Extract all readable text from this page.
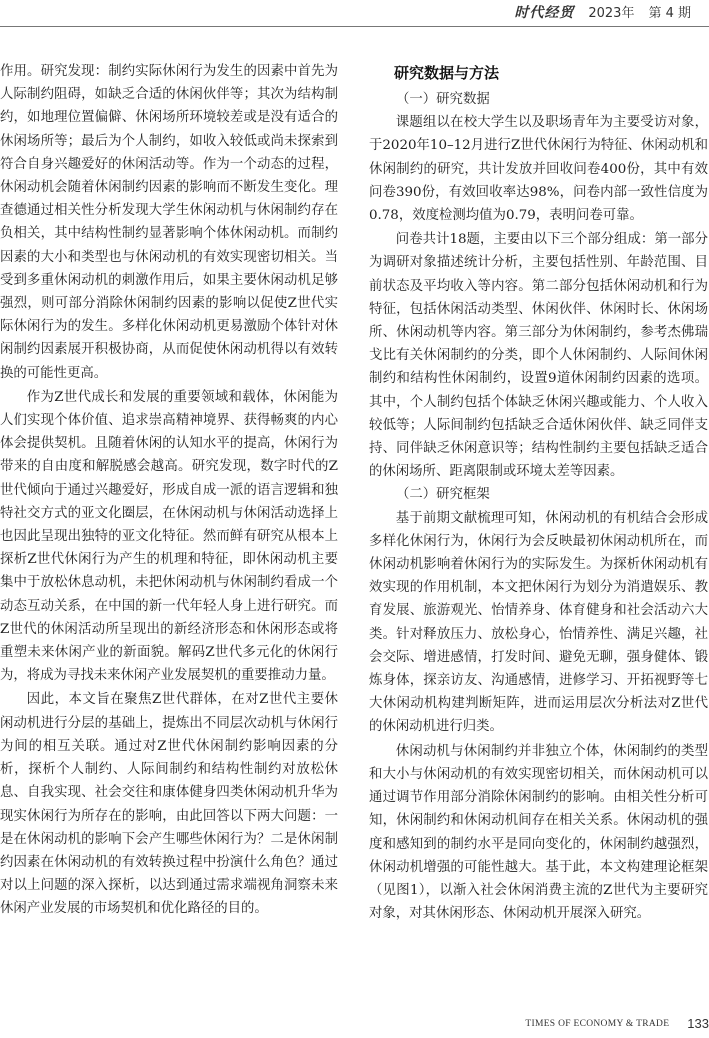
时代经贸 2023年 第 4 期

作用。研究发现：制约实际休闲行为发生的因素中首先为人际制约阻碍，如缺乏合适的休闲伙伴等；其次为结构制约，如地理位置偏僻、休闲场所环境较差或是没有适合的休闲场所等；最后为个人制约，如收入较低或尚未探索到符合自身兴趣爱好的休闲活动等。作为一个动态的过程，休闲动机会随着休闲制约因素的影响而不断发生变化。理查德通过相关性分析发现大学生休闲动机与休闲制约存在负相关，其中结构性制约显著影响个体休闲动机。而制约因素的大小和类型也与休闲动机的有效实现密切相关。当受到多重休闲动机的刺激作用后，如果主要休闲动机足够强烈，则可部分消除休闲制约因素的影响以促使Z世代实际休闲行为的发生。多样化休闲动机更易激励个体针对休闲制约因素展开积极协商，从而促使休闲动机得以有效转换的可能性更高。

作为Z世代成长和发展的重要领域和载体，休闲能为人们实现个体价值、追求崇高精神境界、获得畅爽的内心体会提供契机。且随着休闲的认知水平的提高，休闲行为带来的自由度和解脱感会越高。研究发现，数字时代的Z世代倾向于通过兴趣爱好，形成自成一派的语言逻辑和独特社交方式的亚文化圈层，在休闲动机与休闲活动选择上也因此呈现出独特的亚文化特征。然而鲜有研究从根本上探析Z世代休闲行为产生的机理和特征，即休闲动机主要集中于放松休息动机，未把休闲动机与休闲制约看成一个动态互动关系，在中国的新一代年轻人身上进行研究。而Z世代的休闲活动所呈现出的新经济形态和休闲形态或将重塑未来休闲产业的新面貌。解码Z世代多元化的休闲行为，将成为寻找未来休闲产业发展契机的重要推动力量。

因此，本文旨在聚焦Z世代群体，在对Z世代主要休闲动机进行分层的基础上，提炼出不同层次动机与休闲行为间的相互关联。通过对Z世代休闲制约影响因素的分析，探析个人制约、人际间制约和结构性制约对放松休息、自我实现、社会交往和康体健身四类休闲动机升华为现实休闲行为所存在的影响，由此回答以下两大问题：一是在休闲动机的影响下会产生哪些休闲行为？二是休闲制约因素在休闲动机的有效转换过程中扮演什么角色？通过对以上问题的深入探析，以达到通过需求端视角洞察未来休闲产业发展的市场契机和优化路径的目的。

研究数据与方法
（一）研究数据

课题组以在校大学生以及职场青年为主要受访对象，于2020年10–12月进行Z世代休闲行为特征、休闲动机和休闲制约的研究，共计发放并回收问卷400份，其中有效问卷390份，有效回收率达98%，问卷内部一致性信度为0.78，效度检测均值为0.79，表明问卷可靠。

问卷共计18题，主要由以下三个部分组成：第一部分为调研对象描述统计分析，主要包括性别、年龄范围、目前状态及平均收入等内容。第二部分包括休闲动机和行为特征，包括休闲活动类型、休闲伙伴、休闲时长、休闲场所、休闲动机等内容。第三部分为休闲制约，参考杰佛瑞戈比有关休闲制约的分类，即个人休闲制约、人际间休闲制约和结构性休闲制约，设置9道休闲制约因素的选项。其中，个人制约包括个体缺乏休闲兴趣或能力、个人收入较低等；人际间制约包括缺乏合适休闲伙伴、缺乏同伴支持、同伴缺乏休闲意识等；结构性制约主要包括缺乏适合的休闲场所、距离限制或环境太差等因素。

（二）研究框架

基于前期文献梳理可知，休闲动机的有机结合会形成多样化休闲行为，休闲行为会反映最初休闲动机所在，而休闲动机影响着休闲行为的实际发生。为探析休闲动机有效实现的作用机制，本文把休闲行为划分为消遣娱乐、教育发展、旅游观光、怡情养身、体育健身和社会活动六大类。针对释放压力、放松身心，怡情养性、满足兴趣，社会交际、增进感情，打发时间、避免无聊，强身健体、锻炼身体，探亲访友、沟通感情，进修学习、开拓视野等七大休闲动机构建判断矩阵，进而运用层次分析法对Z世代的休闲动机进行归类。

休闲动机与休闲制约并非独立个体，休闲制约的类型和大小与休闲动机的有效实现密切相关，而休闲动机可以通过调节作用部分消除休闲制约的影响。由相关性分析可知，休闲制约和休闲动机间存在相关关系。休闲动机的强度和感知到的制约水平是同向变化的，休闲制约越强烈，休闲动机增强的可能性越大。基于此，本文构建理论框架（见图1），以渐入社会休闲消费主流的Z世代为主要研究对象，对其休闲形态、休闲动机开展深入研究。

TIMES OF ECONOMY & TRADE 133
